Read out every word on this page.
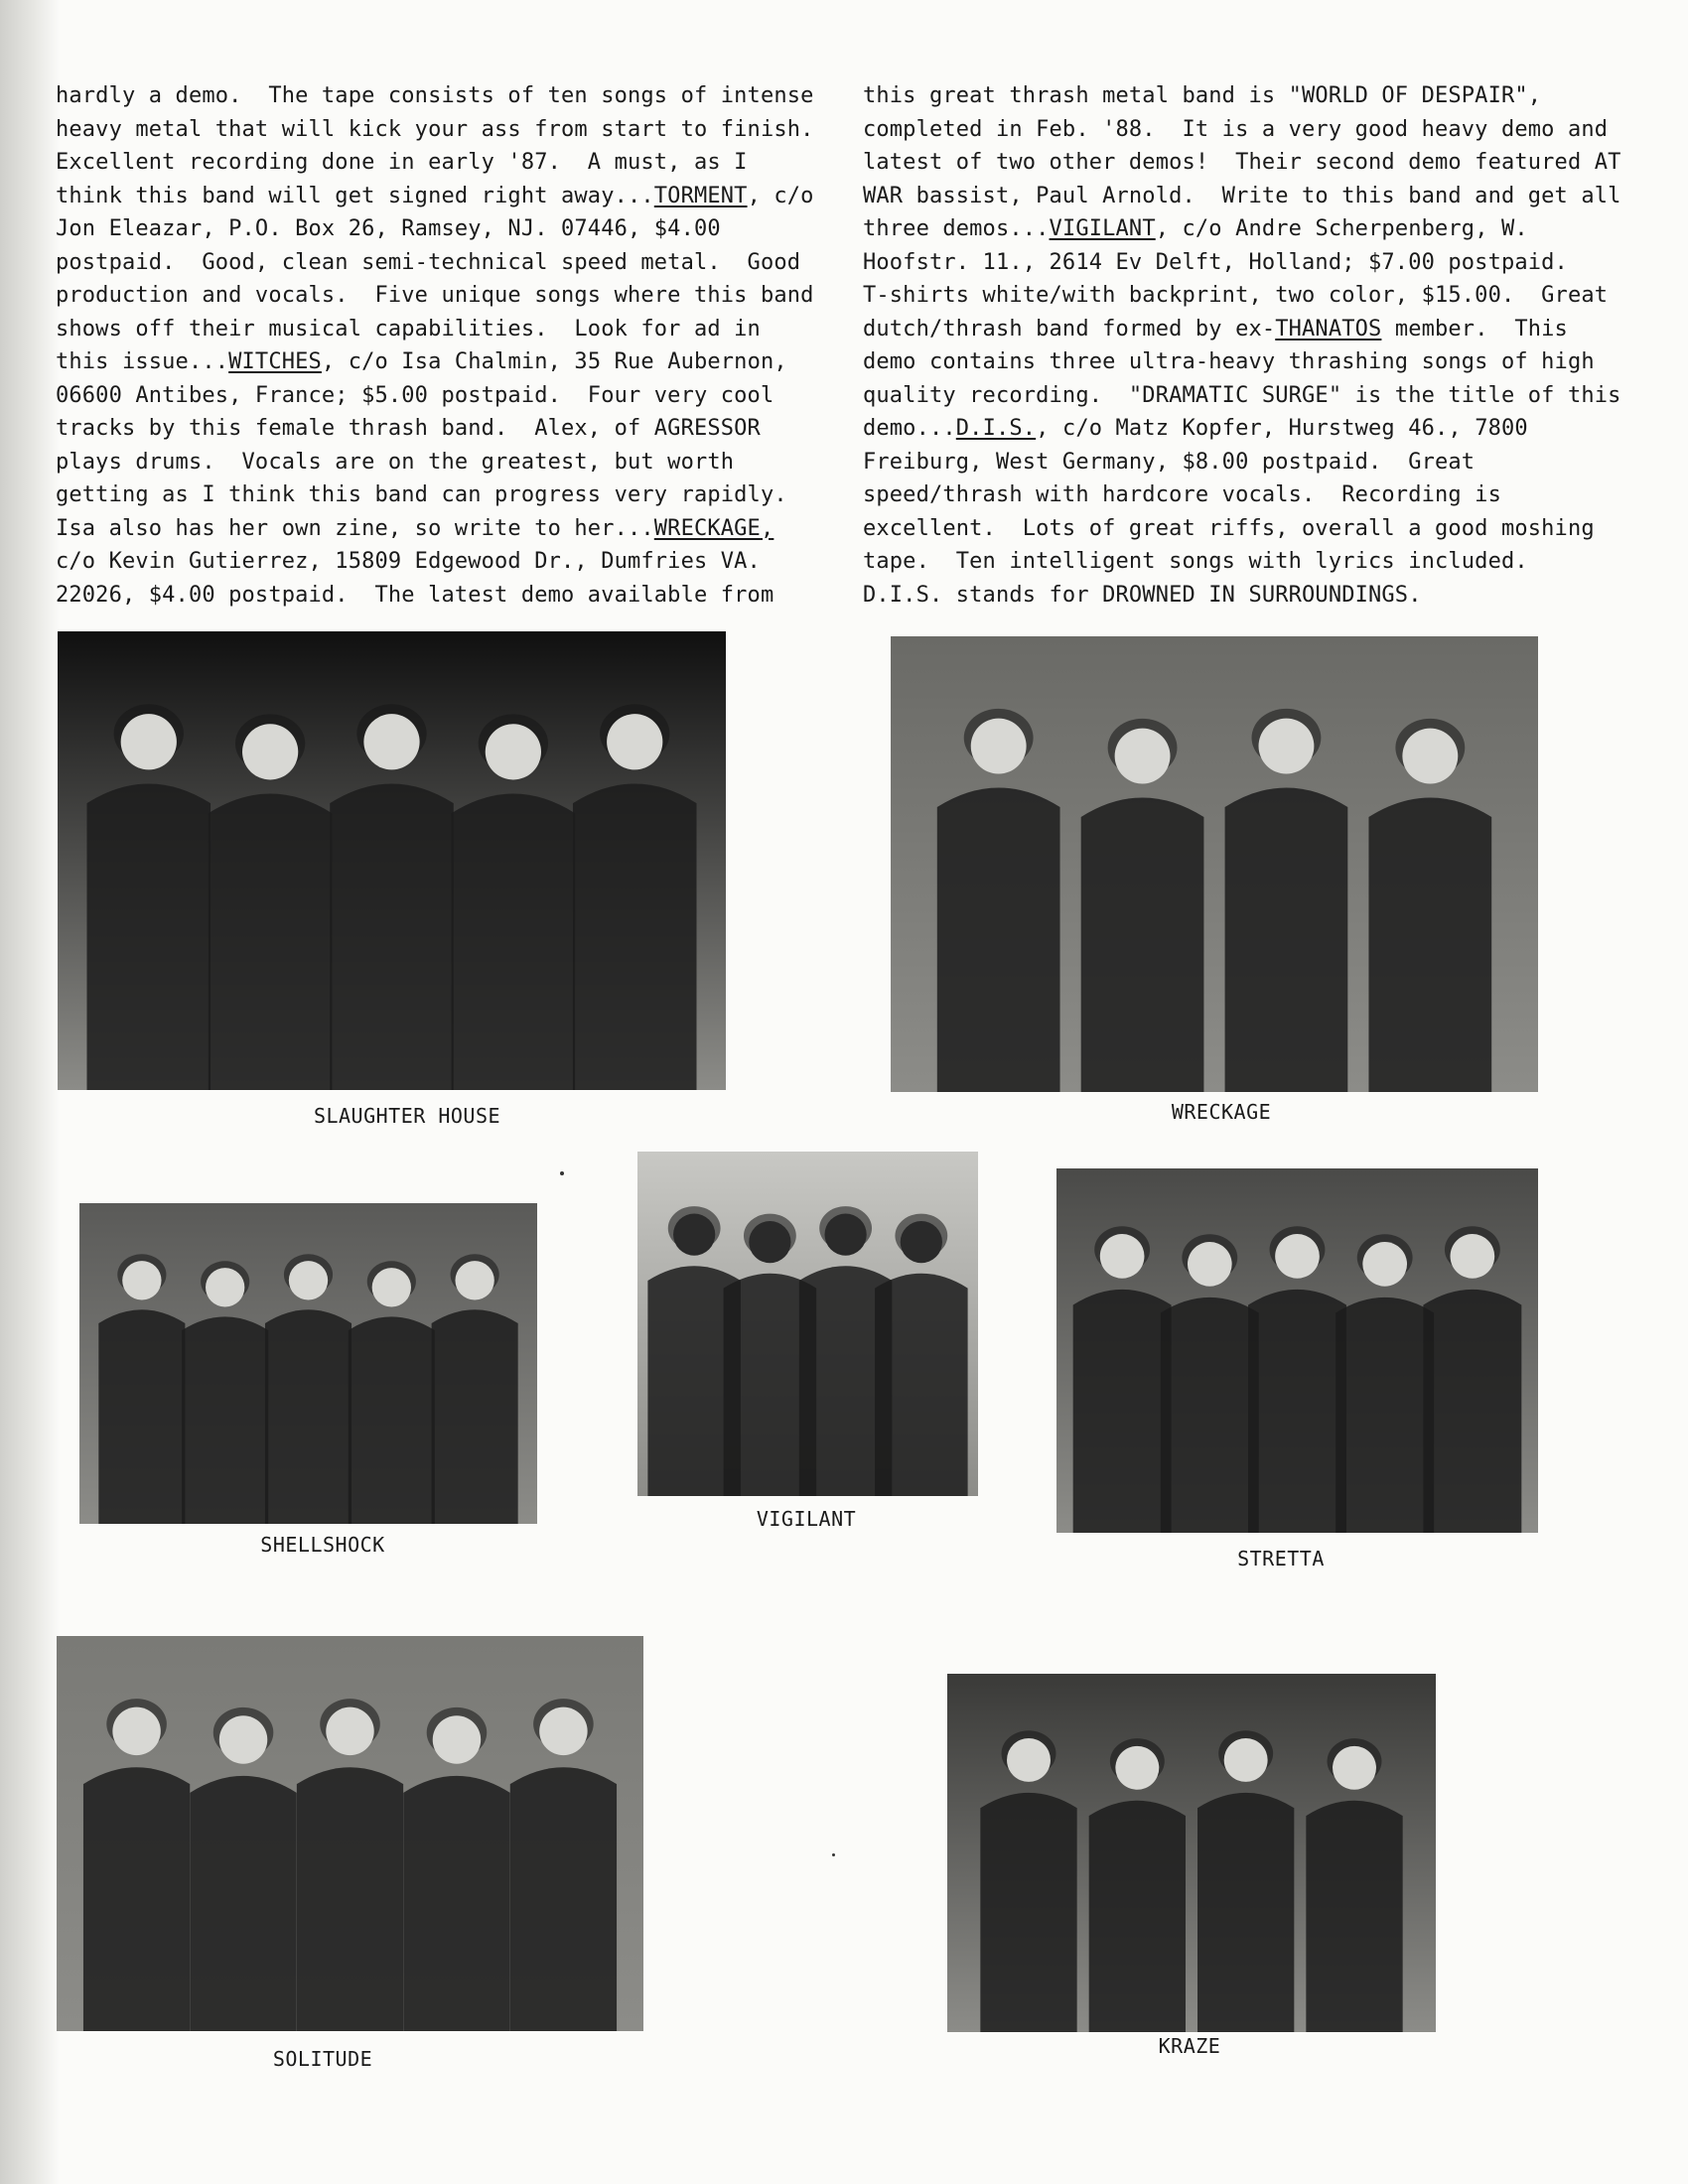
hardly a demo.  The tape consists of ten songs of intense
heavy metal that will kick your ass from start to finish.
Excellent recording done in early '87.  A must, as I
think this band will get signed right away...TORMENT, c/o
Jon Eleazar, P.O. Box 26, Ramsey, NJ. 07446, $4.00
postpaid.  Good, clean semi-technical speed metal.  Good
production and vocals.  Five unique songs where this band
shows off their musical capabilities.  Look for ad in
this issue...WITCHES, c/o Isa Chalmin, 35 Rue Aubernon,
06600 Antibes, France; $5.00 postpaid.  Four very cool
tracks by this female thrash band.  Alex, of AGRESSOR
plays drums.  Vocals are on the greatest, but worth
getting as I think this band can progress very rapidly.
Isa also has her own zine, so write to her...WRECKAGE,
c/o Kevin Gutierrez, 15809 Edgewood Dr., Dumfries VA.
22026, $4.00 postpaid.  The latest demo available from
this great thrash metal band is "WORLD OF DESPAIR",
completed in Feb. '88.  It is a very good heavy demo and
latest of two other demos!  Their second demo featured AT
WAR bassist, Paul Arnold.  Write to this band and get all
three demos...VIGILANT, c/o Andre Scherpenberg, W.
Hoofstr. 11., 2614 Ev Delft, Holland; $7.00 postpaid.
T-shirts white/with backprint, two color, $15.00.  Great
dutch/thrash band formed by ex-THANATOS member.  This
demo contains three ultra-heavy thrashing songs of high
quality recording.  "DRAMATIC SURGE" is the title of this
demo...D.I.S., c/o Matz Kopfer, Hurstweg 46., 7800
Freiburg, West Germany, $8.00 postpaid.  Great
speed/thrash with hardcore vocals.  Recording is
excellent.  Lots of great riffs, overall a good moshing
tape.  Ten intelligent songs with lyrics included.
D.I.S. stands for DROWNED IN SURROUNDINGS.
SLAUGHTER HOUSE	WRECKAGE
SHELLSHOCK
VIGILANT
STRETTA
SOLITUDE
KRAZE
